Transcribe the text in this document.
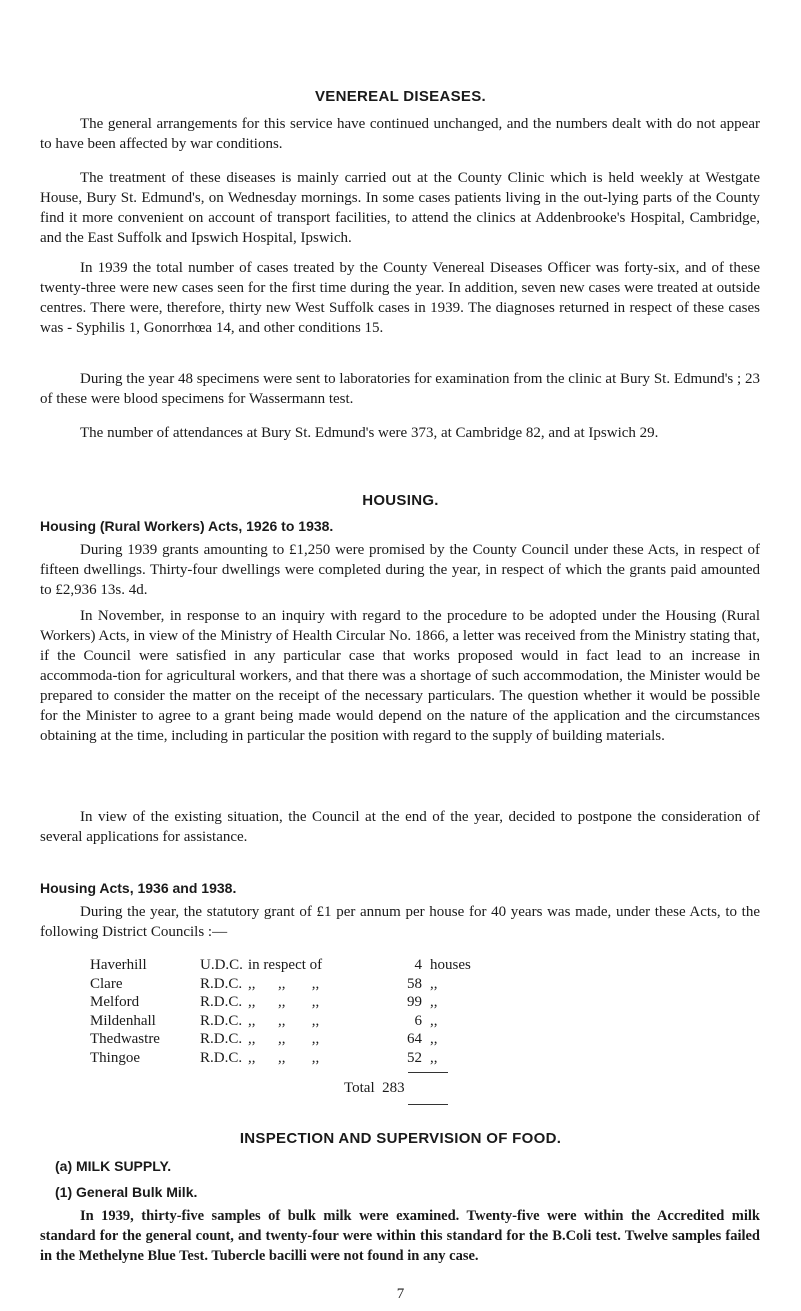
VENEREAL DISEASES.

The general arrangements for this service have continued unchanged, and the numbers dealt with do not appear to have been affected by war conditions.

The treatment of these diseases is mainly carried out at the County Clinic which is held weekly at Westgate House, Bury St. Edmund's, on Wednesday mornings. In some cases patients living in the out-lying parts of the County find it more convenient on account of transport facilities, to attend the clinics at Addenbrooke's Hospital, Cambridge, and the East Suffolk and Ipswich Hospital, Ipswich.

In 1939 the total number of cases treated by the County Venereal Diseases Officer was forty-six, and of these twenty-three were new cases seen for the first time during the year. In addition, seven new cases were treated at outside centres. There were, therefore, thirty new West Suffolk cases in 1939. The diagnoses returned in respect of these cases was - Syphilis 1, Gonorrhœa 14, and other conditions 15.

During the year 48 specimens were sent to laboratories for examination from the clinic at Bury St. Edmund's ; 23 of these were blood specimens for Wassermann test.

The number of attendances at Bury St. Edmund's were 373, at Cambridge 82, and at Ipswich 29.

HOUSING.
Housing (Rural Workers) Acts, 1926 to 1938.

During 1939 grants amounting to £1,250 were promised by the County Council under these Acts, in respect of fifteen dwellings. Thirty-four dwellings were completed during the year, in respect of which the grants paid amounted to £2,936 13s. 4d.

In November, in response to an inquiry with regard to the procedure to be adopted under the Housing (Rural Workers) Acts, in view of the Ministry of Health Circular No. 1866, a letter was received from the Ministry stating that, if the Council were satisfied in any particular case that works proposed would in fact lead to an increase in accommoda-tion for agricultural workers, and that there was a shortage of such accommodation, the Minister would be prepared to consider the matter on the receipt of the necessary particulars. The question whether it would be possible for the Minister to agree to a grant being made would depend on the nature of the application and the circumstances obtaining at the time, including in particular the position with regard to the supply of building materials.

In view of the existing situation, the Council at the end of the year, decided to postpone the consideration of several applications for assistance.

Housing Acts, 1936 and 1938.

During the year, the statutory grant of £1 per annum per house for 40 years was made, under these Acts, to the following District Councils :—

Haverhill	U.D.C. in respect of	4 houses
Clare	R.D.C. ,,      ,,       ,,	58 ,,
Melford	R.D.C. ,,      ,,       ,,	99 ,,
Mildenhall	R.D.C. ,,      ,,       ,,	6 ,,
Thedwastre	R.D.C. ,,      ,,       ,,	64 ,,
Thingoe	R.D.C. ,,      ,,       ,,	52 ,,
Total 283
INSPECTION AND SUPERVISION OF FOOD.
(a) MILK SUPPLY.
(1) General Bulk Milk.

In 1939, thirty-five samples of bulk milk were examined. Twenty-five were within the Accredited milk standard for the general count, and twenty-four were within this standard for the B.Coli test. Twelve samples failed in the Methelyne Blue Test. Tubercle bacilli were not found in any case.

7
